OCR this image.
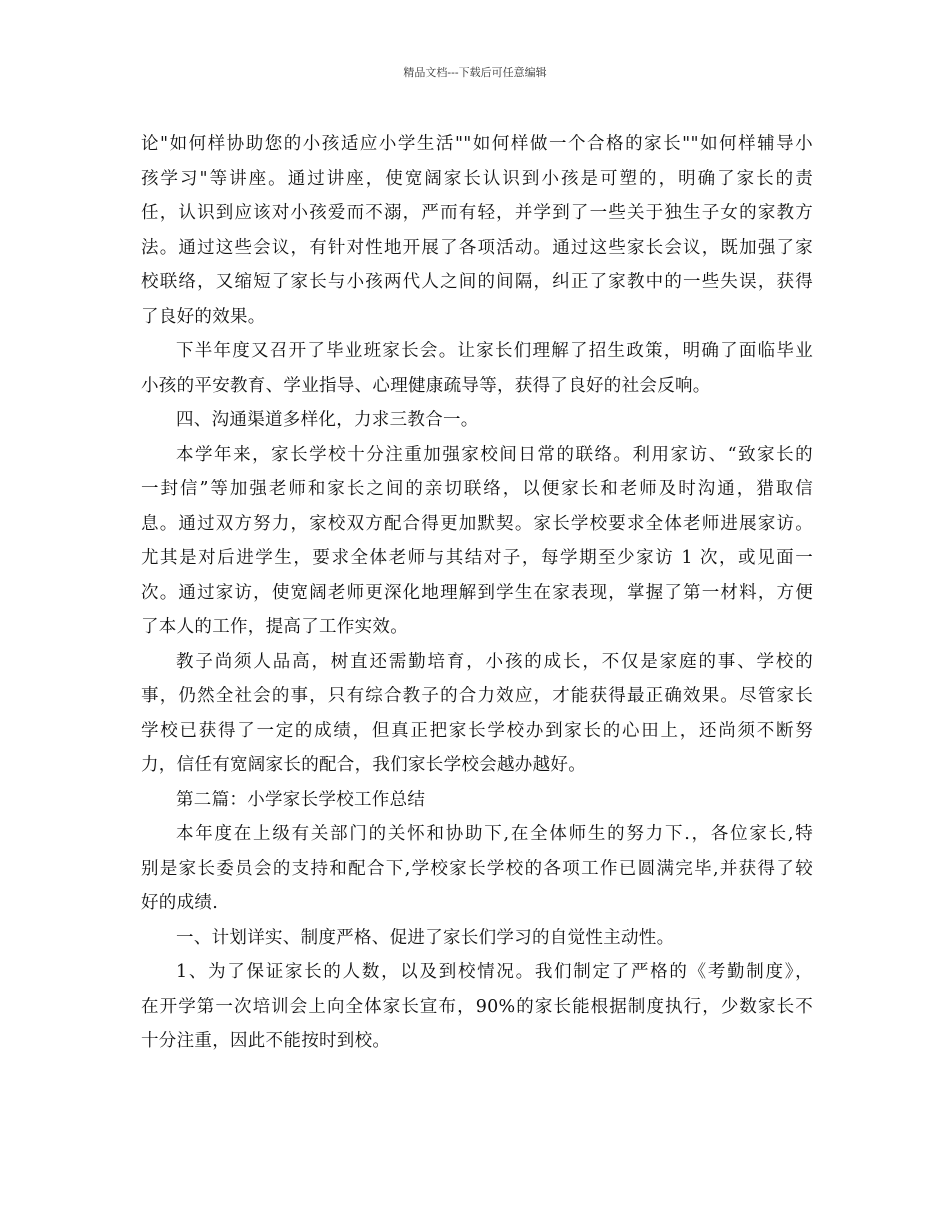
精品文档---下载后可任意编辑
论"如何样协助您的小孩适应小学生活""如何样做一个合格的家长""如何样辅导小
孩学习"等讲座。通过讲座，使宽阔家长认识到小孩是可塑的，明确了家长的责
任，认识到应该对小孩爱而不溺，严而有轻，并学到了一些关于独生子女的家教方
法。通过这些会议，有针对性地开展了各项活动。通过这些家长会议，既加强了家
校联络，又缩短了家长与小孩两代人之间的间隔，纠正了家教中的一些失误，获得
了良好的效果。
下半年度又召开了毕业班家长会。让家长们理解了招生政策，明确了面临毕业
小孩的平安教育、学业指导、心理健康疏导等，获得了良好的社会反响。
四、沟通渠道多样化，力求三教合一。
本学年来，家长学校十分注重加强家校间日常的联络。利用家访、“致家长的
一封信”等加强老师和家长之间的亲切联络，以便家长和老师及时沟通，猎取信
息。通过双方努力，家校双方配合得更加默契。家长学校要求全体老师进展家访。
尤其是对后进学生，要求全体老师与其结对子，每学期至少家访 1 次，或见面一
次。通过家访，使宽阔老师更深化地理解到学生在家表现，掌握了第一材料，方便
了本人的工作，提高了工作实效。
教子尚须人品高，树直还需勤培育，小孩的成长，不仅是家庭的事、学校的
事，仍然全社会的事，只有综合教子的合力效应，才能获得最正确效果。尽管家长
学校已获得了一定的成绩，但真正把家长学校办到家长的心田上，还尚须不断努
力，信任有宽阔家长的配合，我们家长学校会越办越好。
第二篇：小学家长学校工作总结
本年度在上级有关部门的关怀和协助下,在全体师生的努力下.，各位家长,特
别是家长委员会的支持和配合下,学校家长学校的各项工作已圆满完毕,并获得了较
好的成绩.
一、计划详实、制度严格、促进了家长们学习的自觉性主动性。
1、为了保证家长的人数，以及到校情况。我们制定了严格的《考勤制度》，
在开学第一次培训会上向全体家长宣布，90%的家长能根据制度执行，少数家长不
十分注重，因此不能按时到校。
